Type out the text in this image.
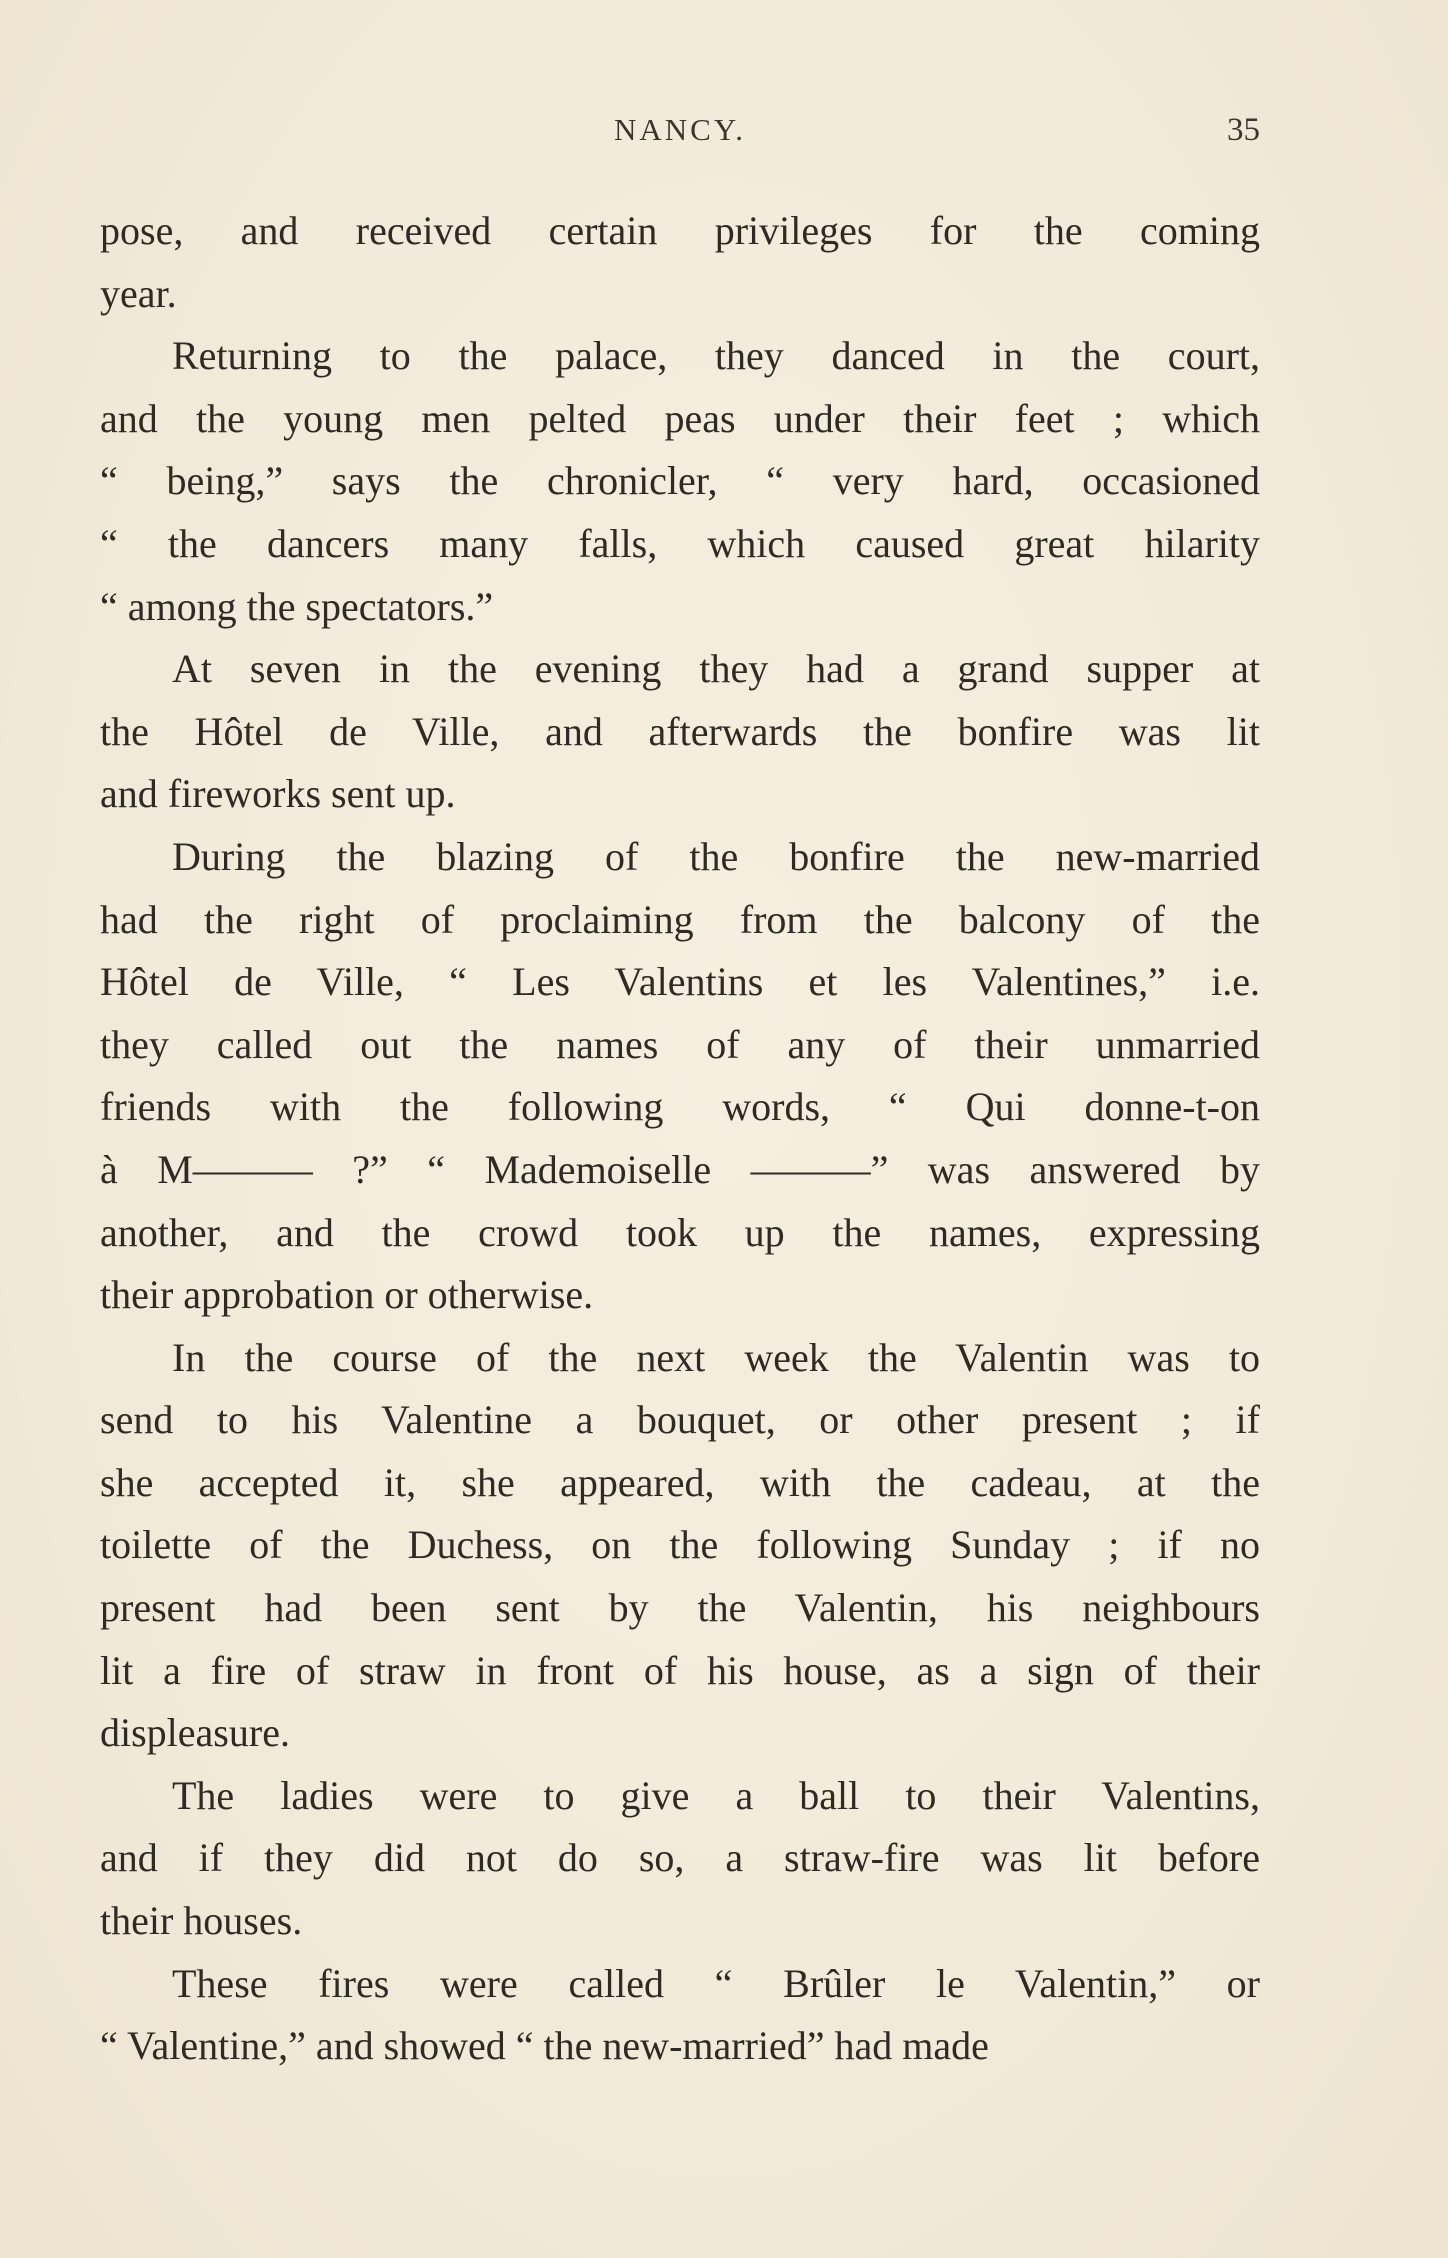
NANCY.	35
pose, and received certain privileges for the coming
year.
Returning to the palace, they danced in the court,
and the young men pelted peas under their feet ; which
“ being,” says the chronicler, “ very hard, occasioned
“ the dancers many falls, which caused great hilarity
“ among the spectators.”
At seven in the evening they had a grand supper at
the Hôtel de Ville, and afterwards the bonfire was lit
and fireworks sent up.
During the blazing of the bonfire the new-married
had the right of proclaiming from the balcony of the
Hôtel de Ville, “ Les Valentins et les Valentines,” i.e.
they called out the names of any of their unmarried
friends with the following words, “ Qui donne-t-on
à M——— ?” “ Mademoiselle ———” was answered by
another, and the crowd took up the names, expressing
their approbation or otherwise.
In the course of the next week the Valentin was to
send to his Valentine a bouquet, or other present ; if
she accepted it, she appeared, with the cadeau, at the
toilette of the Duchess, on the following Sunday ; if no
present had been sent by the Valentin, his neighbours
lit a fire of straw in front of his house, as a sign of their
displeasure.
The ladies were to give a ball to their Valentins,
and if they did not do so, a straw-fire was lit before
their houses.
These fires were called “ Brûler le Valentin,” or
“ Valentine,” and showed “ the new-married” had made
